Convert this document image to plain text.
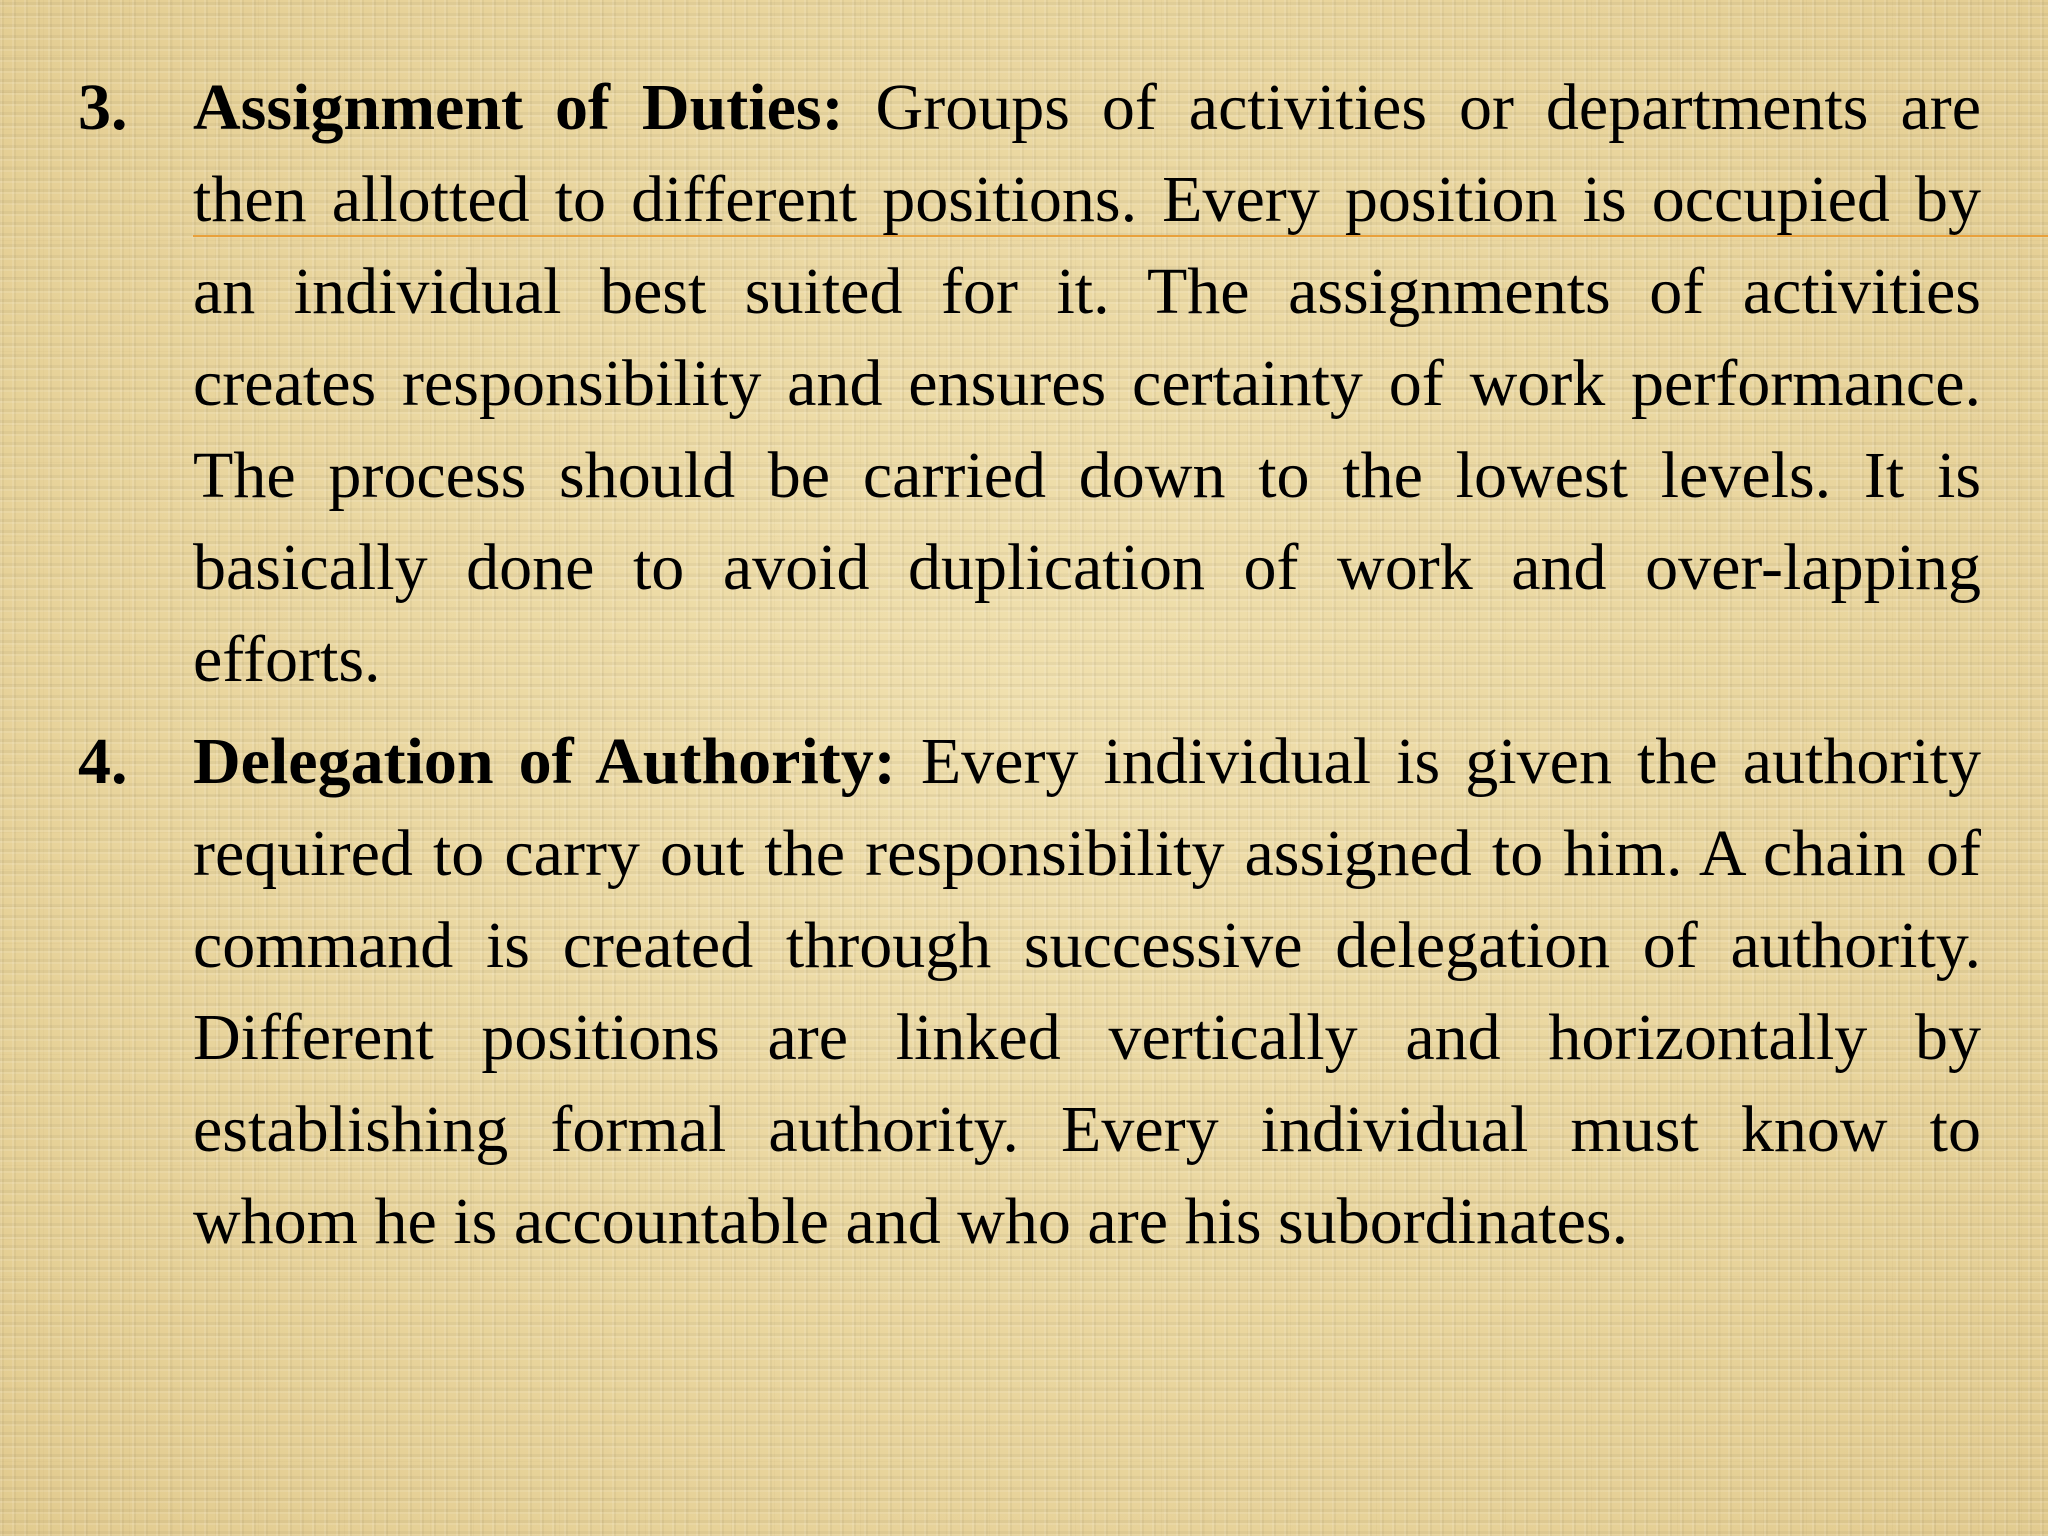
3. Assignment of Duties: Groups of activities or departments are then allotted to different positions. Every position is occupied by an individual best suited for it. The assignments of activities creates responsibility and ensures certainty of work performance. The process should be carried down to the lowest levels. It is basically done to avoid duplication of work and over-lapping efforts.
4. Delegation of Authority: Every individual is given the authority required to carry out the responsibility assigned to him. A chain of command is created through successive delegation of authority. Different positions are linked vertically and horizontally by establishing formal authority. Every individual must know to whom he is accountable and who are his subordinates.
